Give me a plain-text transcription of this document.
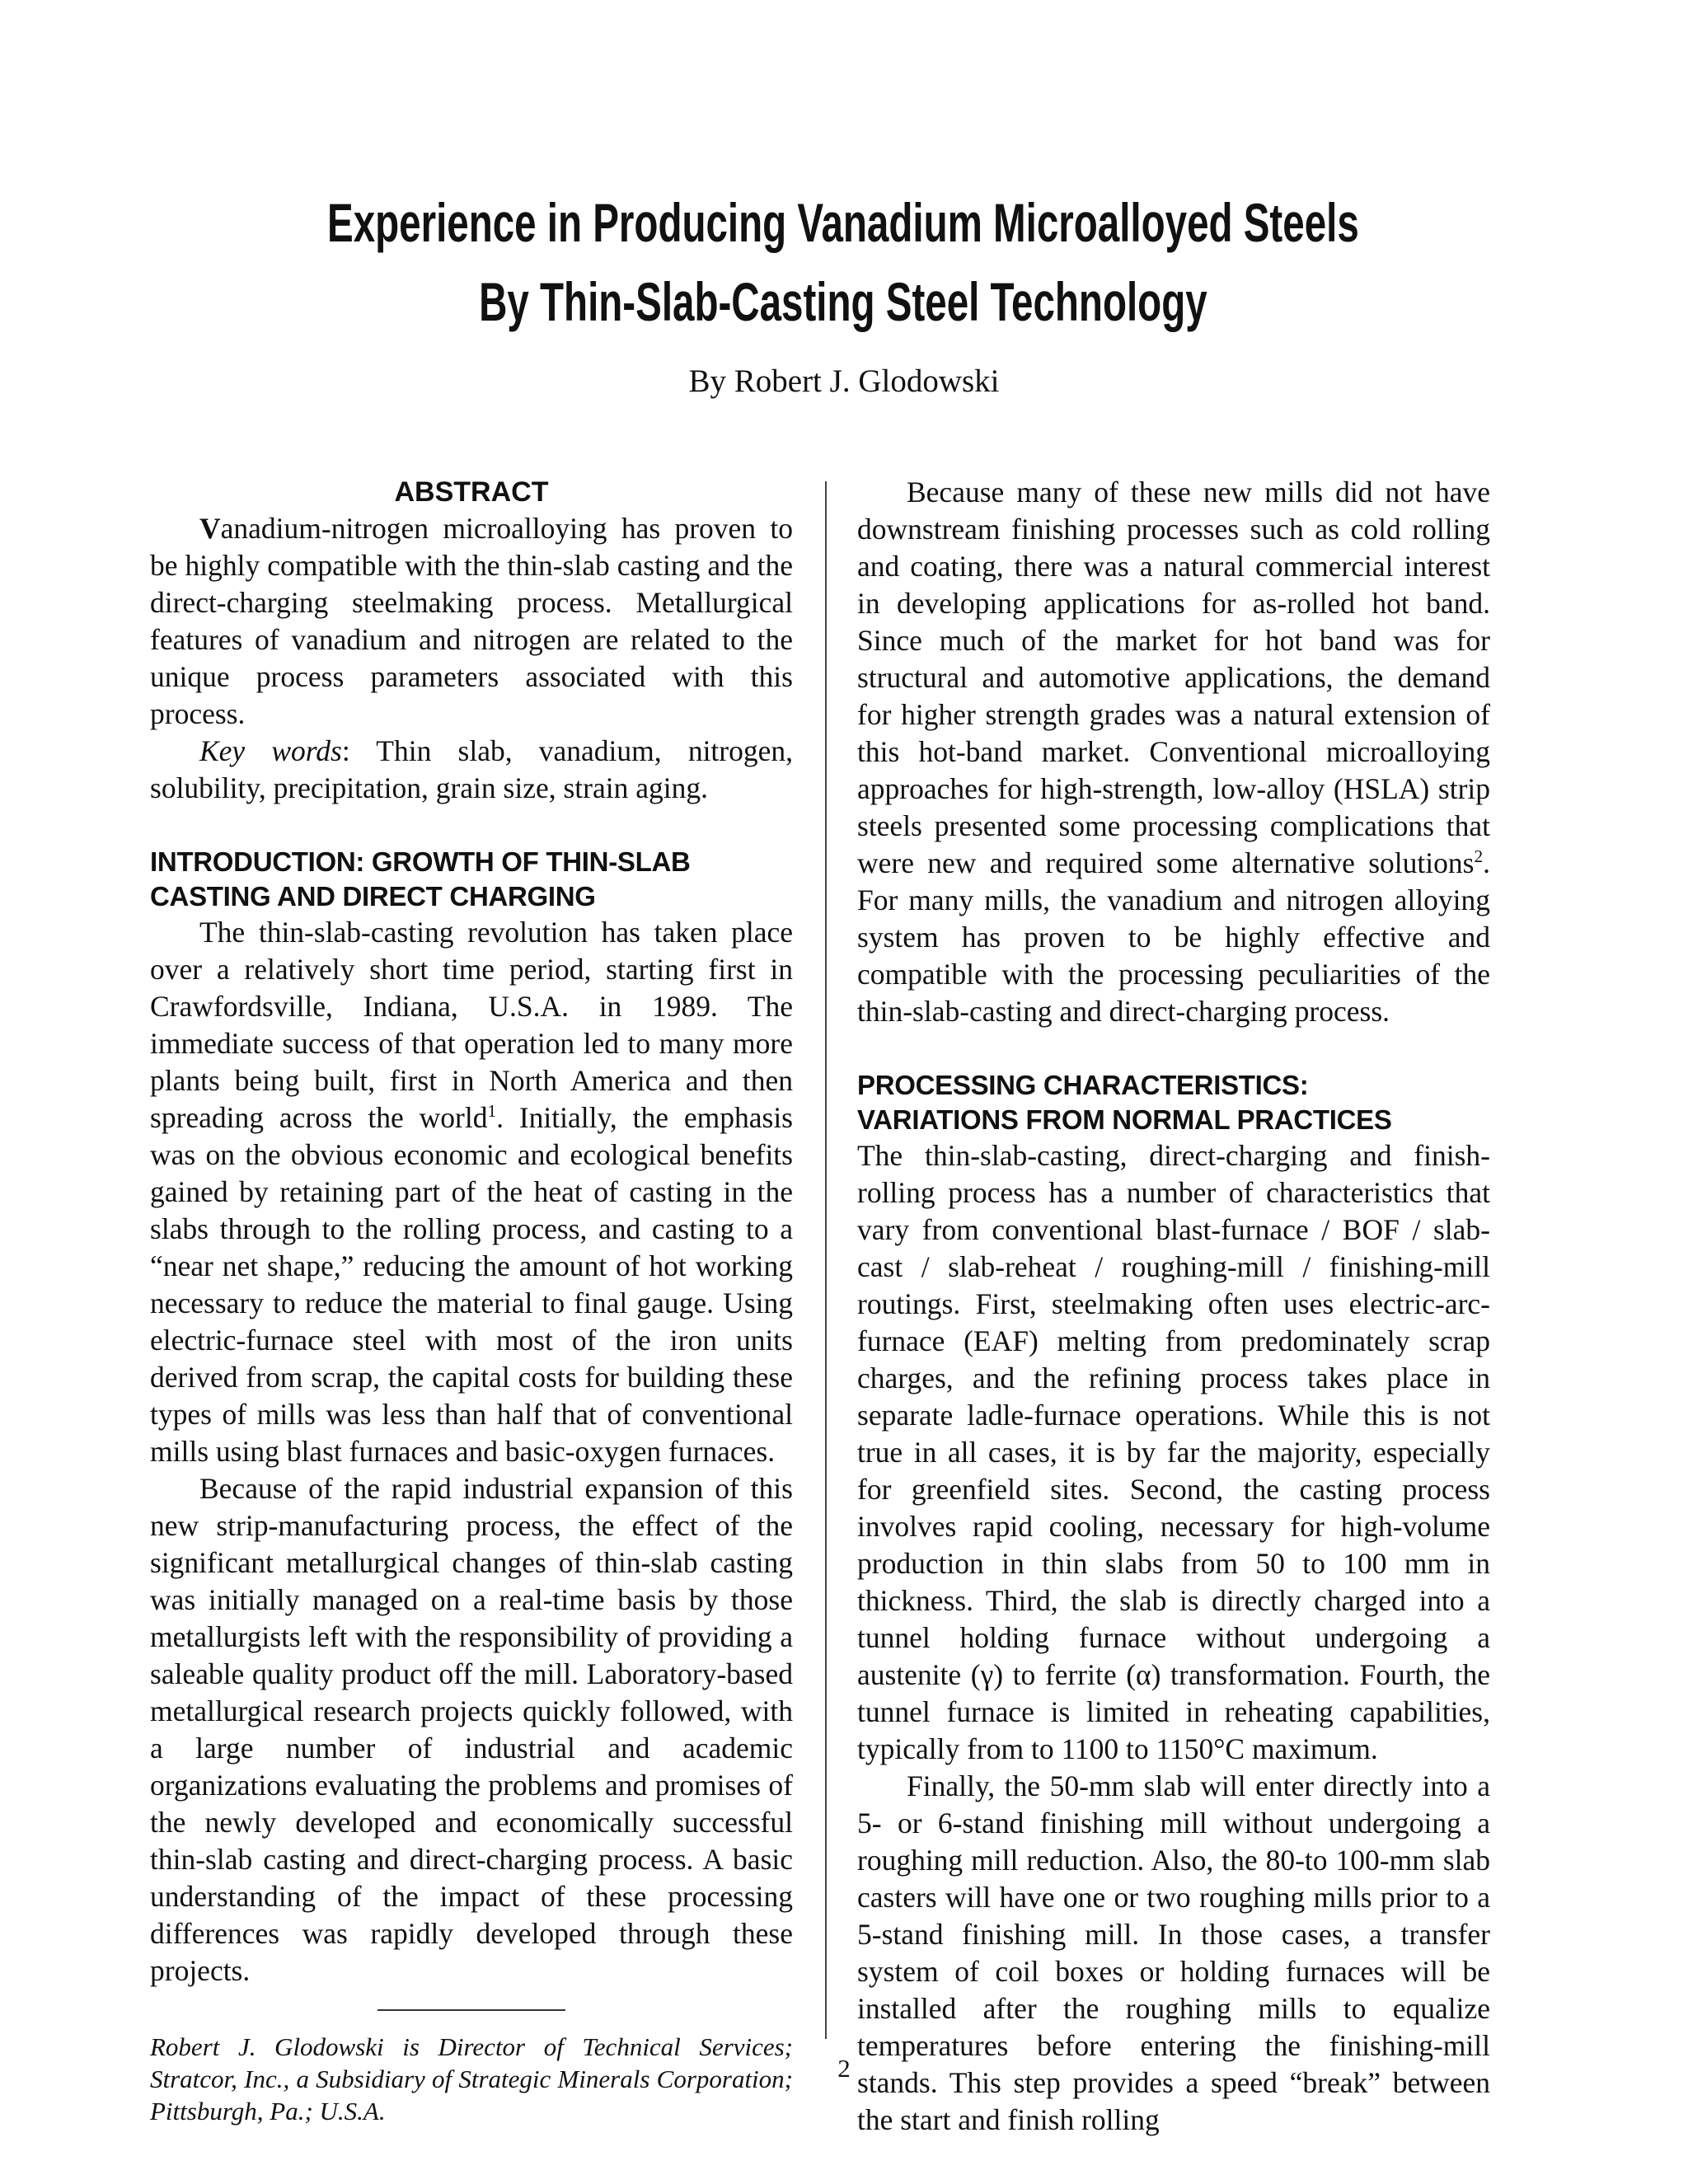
Experience in Producing Vanadium Microalloyed Steels
By Thin-Slab-Casting Steel Technology

By Robert J. Glodowski

ABSTRACT

Vanadium-nitrogen microalloying has proven to be highly compatible with the thin-slab casting and the direct-charging steelmaking process. Metallurgical features of vanadium and nitrogen are related to the unique process parameters associated with this process.

Key words: Thin slab, vanadium, nitrogen, solubility, precipitation, grain size, strain aging.

INTRODUCTION: GROWTH OF THIN-SLAB
CASTING AND DIRECT CHARGING

The thin-slab-casting revolution has taken place over a relatively short time period, starting first in Crawfordsville, Indiana, U.S.A. in 1989. The immediate success of that operation led to many more plants being built, first in North America and then spreading across the world$^1$. Initially, the emphasis was on the obvious economic and ecological benefits gained by retaining part of the heat of casting in the slabs through to the rolling process, and casting to a “near net shape,” reducing the amount of hot working necessary to reduce the material to final gauge. Using electric-furnace steel with most of the iron units derived from scrap, the capital costs for building these types of mills was less than half that of conventional mills using blast furnaces and basic-oxygen furnaces.

Because of the rapid industrial expansion of this new strip-manufacturing process, the effect of the significant metallurgical changes of thin-slab casting was initially managed on a real-time basis by those metallurgists left with the responsibility of providing a saleable quality product off the mill. Laboratory-based metallurgical research projects quickly followed, with a large number of industrial and academic organizations evaluating the problems and promises of the newly developed and economically successful thin-slab casting and direct-charging process. A basic understanding of the impact of these processing differences was rapidly developed through these projects.

Robert J. Glodowski is Director of Technical Services; Stratcor, Inc., a Subsidiary of Strategic Minerals Corporation; Pittsburgh, Pa.; U.S.A.

Because many of these new mills did not have downstream finishing processes such as cold rolling and coating, there was a natural commercial interest in developing applications for as-rolled hot band. Since much of the market for hot band was for structural and automotive applications, the demand for higher strength grades was a natural extension of this hot-band market. Conventional microalloying approaches for high-strength, low-alloy (HSLA) strip steels presented some processing complications that were new and required some alternative solutions$^2$. For many mills, the vanadium and nitrogen alloying system has proven to be highly effective and compatible with the processing peculiarities of the thin-slab-casting and direct-charging process.

PROCESSING CHARACTERISTICS:
VARIATIONS FROM NORMAL PRACTICES

The thin-slab-casting, direct-charging and finish-rolling process has a number of characteristics that vary from conventional blast-furnace / BOF / slab-cast / slab-reheat / roughing-mill / finishing-mill routings. First, steelmaking often uses electric-arc-furnace (EAF) melting from predominately scrap charges, and the refining process takes place in separate ladle-furnace operations. While this is not true in all cases, it is by far the majority, especially for greenfield sites. Second, the casting process involves rapid cooling, necessary for high-volume production in thin slabs from 50 to 100 mm in thickness. Third, the slab is directly charged into a tunnel holding furnace without undergoing a austenite (γ) to ferrite (α) transformation. Fourth, the tunnel furnace is limited in reheating capabilities, typically from to 1100 to 1150°C maximum.

Finally, the 50-mm slab will enter directly into a 5- or 6-stand finishing mill without undergoing a roughing mill reduction. Also, the 80-to 100-mm slab casters will have one or two roughing mills prior to a 5-stand finishing mill. In those cases, a transfer system of coil boxes or holding furnaces will be installed after the roughing mills to equalize temperatures before entering the finishing-mill stands. This step provides a speed “break” between the start and finish rolling

2
